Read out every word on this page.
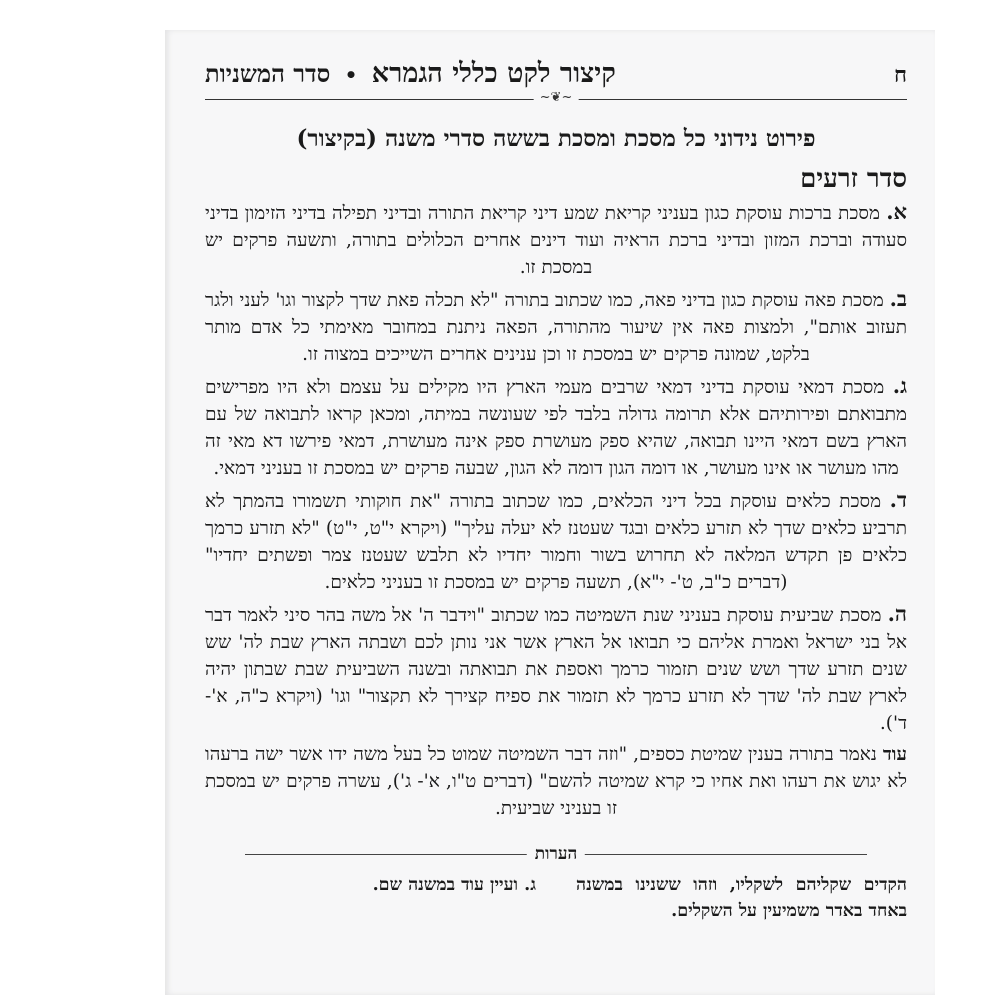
ח
קיצור לקט כללי הגמרא • סדר המשניות
~❦~
פירוט נידוני כל מסכת ומסכת בששה סדרי משנה (בקיצור)
סדר זרעים

א. מסכת ברכות עוסקת כגון בעניני קריאת שמע דיני קריאת התורה ובדיני תפילה בדיני הזימון בדיני סעודה וברכת המזון ובדיני ברכת הראיה ועוד דינים אחרים הכלולים בתורה, ותשעה פרקים יש במסכת זו.

ב. מסכת פאה עוסקת כגון בדיני פאה, כמו שכתוב בתורה "לא תכלה פאת שדך לקצור וגו' לעני ולגר תעזוב אותם", ולמצות פאה אין שיעור מהתורה, הפאה ניתנת במחובר מאימתי כל אדם מותר בלקט, שמונה פרקים יש במסכת זו וכן ענינים אחרים השייכים במצוה זו.

ג. מסכת דמאי עוסקת בדיני דמאי שרבים מעמי הארץ היו מקילים על עצמם ולא היו מפרישים מתבואתם ופירותיהם אלא תרומה גדולה בלבד לפי שעונשה במיתה, ומכאן קראו לתבואה של עם הארץ בשם דמאי היינו תבואה, שהיא ספק מעושרת ספק אינה מעושרת, דמאי פירשו דא מאי זה מהו מעושר או אינו מעושר, או דומה הגון דומה לא הגון, שבעה פרקים יש במסכת זו בעניני דמאי.

ד. מסכת כלאים עוסקת בכל דיני הכלאים, כמו שכתוב בתורה "את חוקותי תשמורו בהמתך לא תרביע כלאים שדך לא תזרע כלאים ובגד שעטנז לא יעלה עליך" (ויקרא י"ט, י"ט) "לא תזרע כרמך כלאים פן תקדש המלאה לא תחרוש בשור וחמור יחדיו לא תלבש שעטנז צמר ופשתים יחדיו" (דברים כ"ב, ט'- י"א), תשעה פרקים יש במסכת זו בעניני כלאים.

ה. מסכת שביעית עוסקת בעניני שנת השמיטה כמו שכתוב "וידבר ה' אל משה בהר סיני לאמר דבר אל בני ישראל ואמרת אליהם כי תבואו אל הארץ אשר אני נותן לכם ושבתה הארץ שבת לה' שש שנים תזרע שדך ושש שנים תזמור כרמך ואספת את תבואתה ובשנה השביעית שבת שבתון יהיה לארץ שבת לה' שדך לא תזרע כרמך לא תזמור את ספיח קצירך לא תקצור" וגו' (ויקרא כ"ה, א'- ד').

עוד נאמר בתורה בענין שמיטת כספים, "וזה דבר השמיטה שמוט כל בעל משה ידו אשר ישה ברעהו לא יגוש את רעהו ואת אחיו כי קרא שמיטה להשם" (דברים ט"ו, א'- ג'), עשרה פרקים יש במסכת זו בעניני שביעית.

הערות
הקדים שקליהם לשקליו, וזהו ששנינו במשנה באחד באדר משמיעין על השקלים.
ג. ועיין עוד במשנה שם.
